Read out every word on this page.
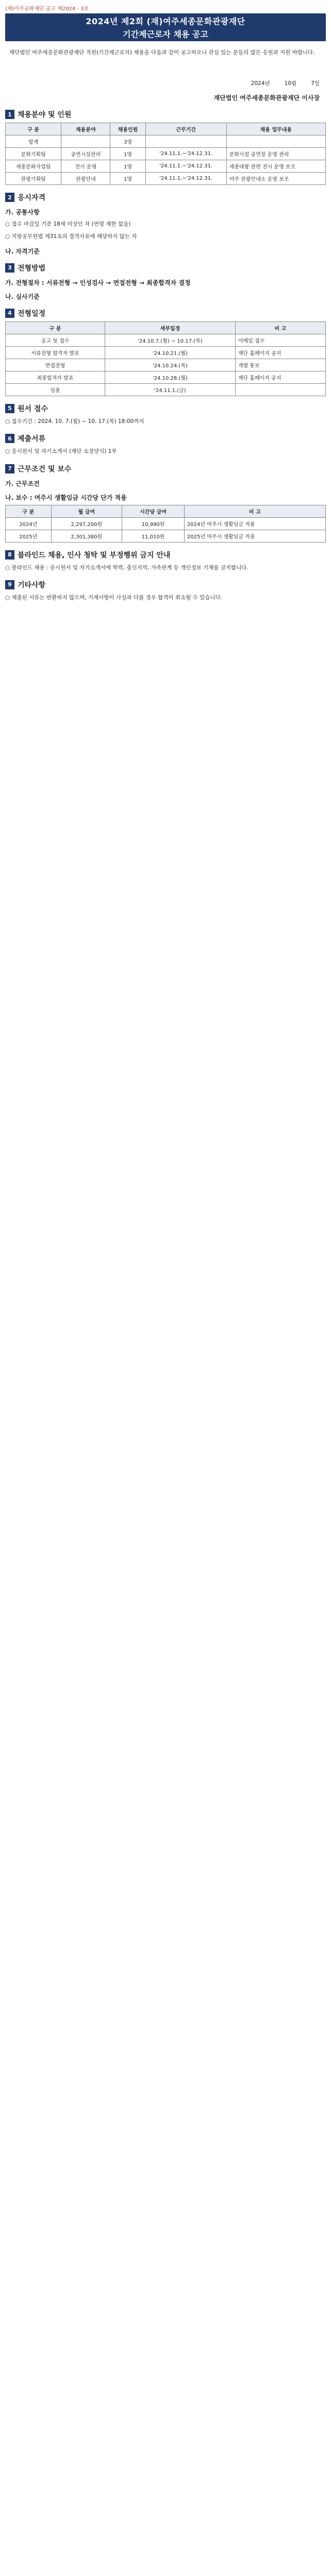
(제)이주공화재단 공고 제2024 - 3호
2024년 제2회 (재)여주세종문화관광재단
기간제근로자 채용 공고
재단법인 여주세종문화관광재단 직원(기간제근로자) 채용을 다음과 같이 공고하오니 관심 있는 분들의 많은 응원과 지원 바랍니다.
2024년	10월	7일
재단법인 여주세종문화관광재단 이사장
1 채용분야 및 인원
구 분	채용분야	채용인원	근무기간	채용 업무내용
합계		3명		
문화기획팀	공연시설관리	1명	'24.11.1.~'24.12.31.	문화시설 공연장 운영 관리
세종문화사업팀	전시 운영	1명	'24.11.1.~'24.12.31.	세종대왕 관련 전시 운영 보조
관광기획팀	관광안내	1명	'24.11.1.~'24.12.31.	여주 관광안내소 운영 보조
2 응시자격
가. 공통사항
○ 접수 마감일 기준 18세 이상인 자 (연령 제한 없음)
○ 지방공무원법 제31조의 결격사유에 해당하지 않는 자
나. 자격기준
3 전형방법
가. 전형절차 : 서류전형 → 인성검사 → 면접전형 → 최종합격자 결정
나. 심사기준
4 전형일정
구 분	세부일정	비 고
공고 및 접수	'24.10.7.(월) ~ 10.17.(목)	이메일 접수
서류전형 합격자 발표	'24.10.21.(월)	재단 홈페이지 공지
면접전형	'24.10.24.(목)	개별 통보
최종합격자 발표	'24.10.28.(월)	재단 홈페이지 공지
임용	'24.11.1.(금)	
5 원서 접수
○ 접수기간 : 2024. 10. 7.(월) ~ 10. 17.(목) 18:00까지
6 제출서류
○ 응시원서 및 자기소개서 (재단 소정양식) 1부
7 근무조건 및 보수
가. 근무조건
나. 보수 : 여주시 생활임금 시간당 단가 적용
구 분	월 급여	시간당 급여	비 고
2024년	2,297,200원	10,990원	2024년 여주시 생활임금 적용
2025년	2,301,380원	11,010원	2025년 여주시 생활임금 적용
8 블라인드 채용, 인사 청탁 및 부정행위 금지 안내
○ 블라인드 채용 : 응시원서 및 자기소개서에 학력, 출신지역, 가족관계 등 개인정보 기재를 금지합니다.
9 기타사항
○ 제출된 서류는 반환하지 않으며, 기재사항이 사실과 다를 경우 합격이 취소될 수 있습니다.
